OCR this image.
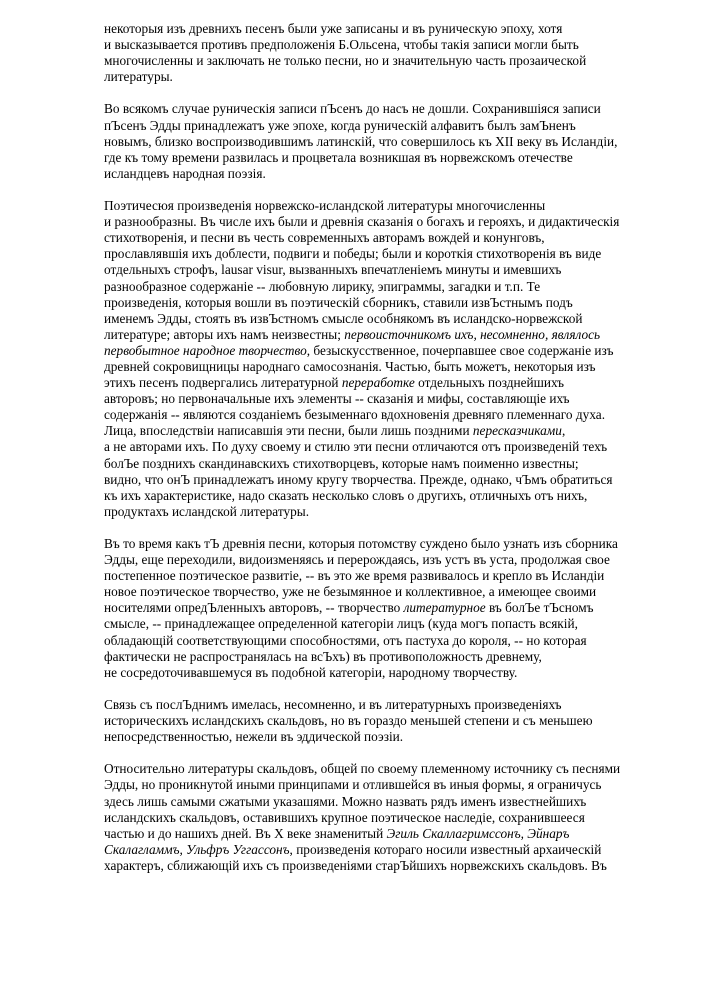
некоторыя изъ древнихъ песенъ были уже записаны и въ руническую эпоху, хотя
и высказывается противъ предположенія Б.Ольсена, чтобы такія записи могли быть
многочисленны и заключать не только песни, но и значительную часть прозаической
литературы.
Во всякомъ случае руническія записи пЪсенъ до насъ не дошли. Сохранившіяся записи
пЪсенъ Эдды принадлежатъ уже эпохе, когда руническій алфавитъ былъ замЪненъ
новымъ, близко воспроизводившимъ латинскій, что совершилось къ XII веку въ Исландіи,
где къ тому времени развилась и процветала возникшая въ норвежскомъ отечестве
исландцевъ народная поэзія.
Поэтичесюя произведенія норвежско-исландской литературы многочисленны
и разнообразны. Въ числе ихъ были и древнія сказанія о богахъ и герояхъ, и дидактическія
стихотворенія, и песни въ честь современныхъ авторамъ вождей и конунговъ,
прославлявшія ихъ доблести, подвиги и победы; были и короткія стихотворенія въ виде
отдельныхъ строфъ, lausar visur, вызванныхъ впечатленіемъ минуты и имевшихъ
разнообразное содержаніе -- любовную лирику, эпиграммы, загадки и т.п. Те
произведенія, которыя вошли въ поэтическій сборникъ, ставили извЪстнымъ подъ
именемъ Эдды, стоять въ извЪстномъ смысле особнякомъ въ исландско-норвежской
литературе; авторы ихъ намъ неизвестны; первоисточникомъ ихъ, несомненно, являлось
первобытное народное творчество, безыскусственное, почерпавшее свое содержаніе изъ
древней сокровищницы народнаго самосознанія. Частью, быть можетъ, некоторыя изъ
этихъ песенъ подвергались литературной переработке отдельныхъ позднейшихъ
авторовъ; но первоначальные ихъ элементы -- сказанія и мифы, составляющіе ихъ
содержанія -- являются созданіемъ безыменнаго вдохновенія древняго племеннаго духа.
Лица, впоследствіи написавшія эти песни, были лишь поздними пересказчиками,
а не авторами ихъ. По духу своему и стилю эти песни отличаются отъ произведеній техъ
болЪе позднихъ скандинавскихъ стихотворцевъ, которые намъ поименно известны;
видно, что онЪ принадлежатъ иному кругу творчества. Прежде, однако, чЪмъ обратиться
къ ихъ характеристике, надо сказать несколько словъ о другихъ, отличныхъ отъ нихъ,
продуктахъ исландской литературы.
Въ то время какъ тЪ древнія песни, которыя потомству суждено было узнать изъ сборника
Эдды, еще переходили, видоизменяясь и перерождаясь, изъ устъ въ уста, продолжая свое
постепенное поэтическое развитіе, -- въ это же время развивалось и крепло въ Исландіи
новое поэтическое творчество, уже не безымянное и коллективное, а имеющее своими
носителями опредЪленныхъ авторовъ, -- творчество литературное въ болЪе тЪсномъ
смысле, -- принадлежащее определенной категоріи лицъ (куда могъ попасть всякій,
обладающій соответствующими способностями, отъ пастуха до короля, -- но которая
фактически не распространялась на всЪхъ) въ противоположность древнему,
не сосредоточивавшемуся въ подобной категоріи, народному творчеству.
Связь съ послЪднимъ имелась, несомненно, и въ литературныхъ произведеніяхъ
историческихъ исландскихъ скальдовъ, но въ гораздо меньшей степени и съ меньшею
непосредственностью, нежели въ эддической поэзіи.
Относительно литературы скальдовъ, общей по своему племенному источнику съ песнями
Эдды, но проникнутой иными принципами и отлившейся въ иныя формы, я ограничусь
здесь лишь самыми сжатыми указашями. Можно назвать рядъ именъ известнейшихъ
исландскихъ скальдовъ, оставившихъ крупное поэтическое наследіе, сохранившееся
частью и до нашихъ дней. Въ X веке знаменитый Эгиль Скаллагримссонъ, Эйнаръ
Скалагламмъ, Ульфръ Уггассонъ, произведенія котораго носили известный архаическій
характеръ, сближающій ихъ съ произведеніями старЪйшихъ норвежскихъ скальдовъ. Въ
